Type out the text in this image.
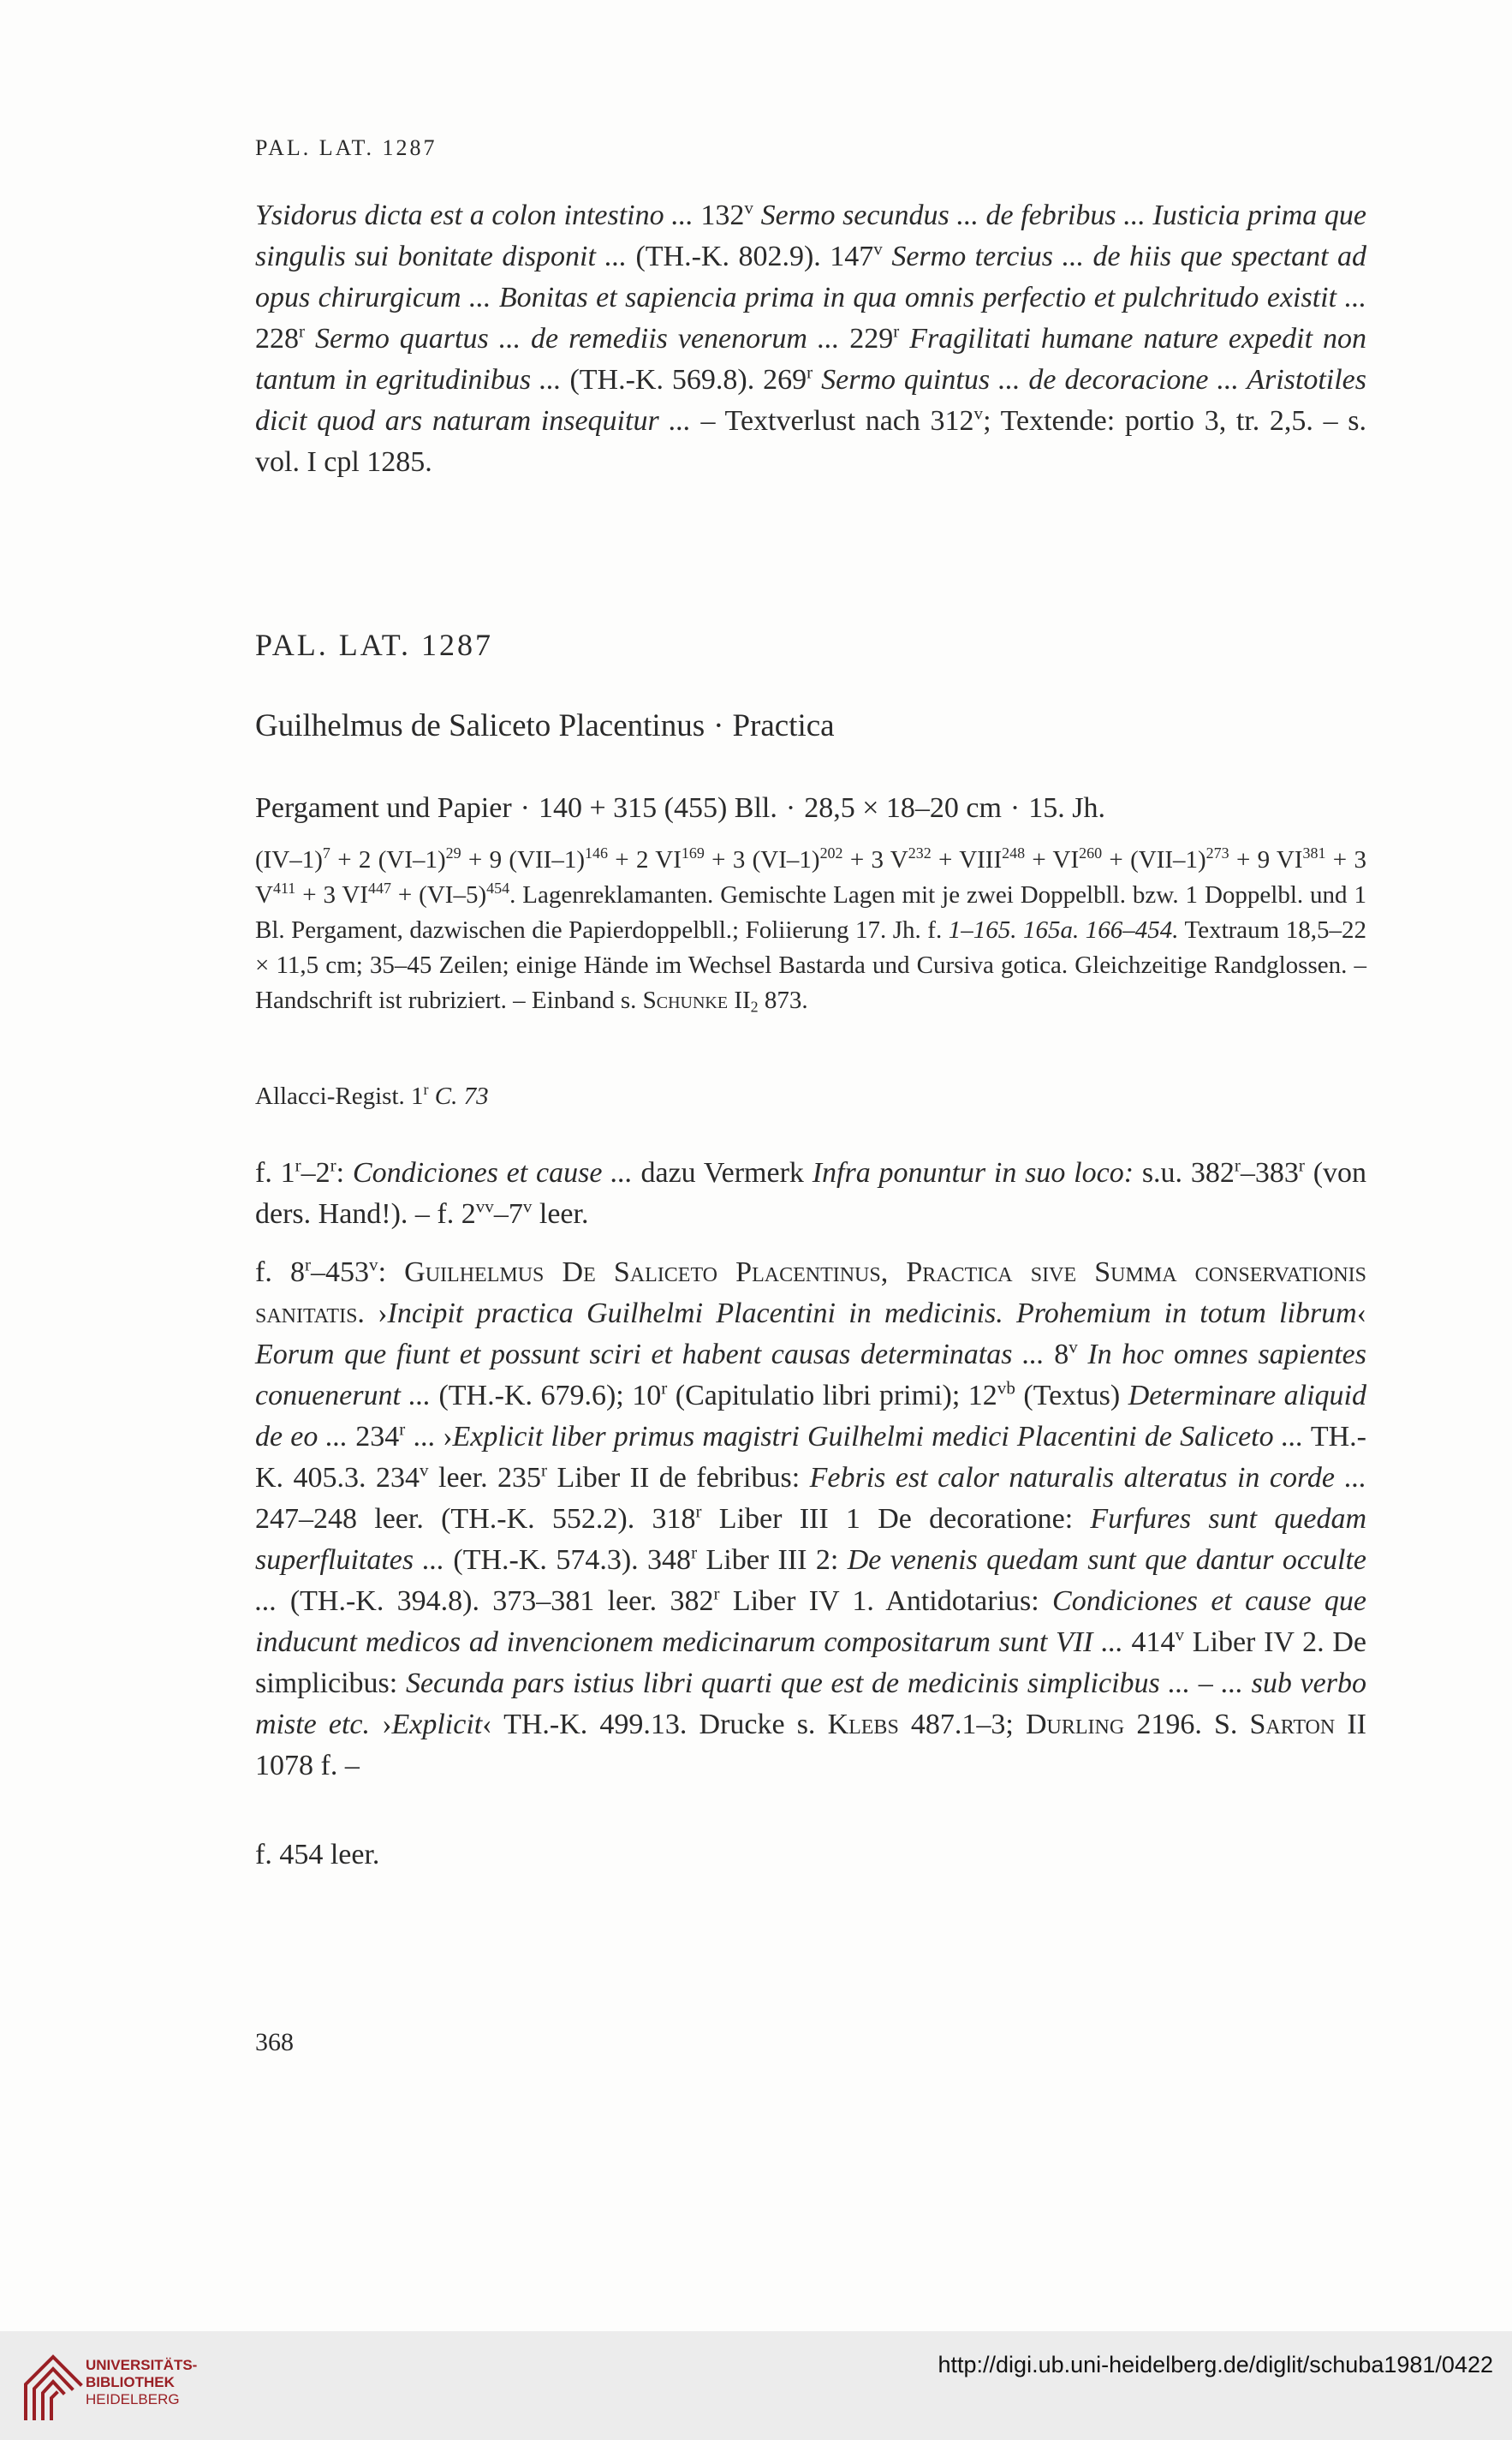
PAL. LAT. 1287
Ysidorus dicta est a colon intestino ... 132$^v$ Sermo secundus ... de febribus ... Iusticia prima que singulis sui bonitate disponit ... (TH.-K. 802.9). 147$^v$ Sermo tercius ... de hiis que spectant ad opus chirurgicum ... Bonitas et sapiencia prima in qua omnis perfectio et pulchritudo existit ... 228$^r$ Sermo quartus ... de remediis venenorum ... 229$^r$ Fragilitati humane nature expedit non tantum in egritudinibus ... (TH.-K. 569.8). 269$^r$ Sermo quintus ... de decoracione ... Aristotiles dicit quod ars naturam insequitur ... – Textverlust nach 312$^v$; Textende: portio 3, tr. 2,5. – s. vol. I cpl 1285.
PAL. LAT. 1287
Guilhelmus de Saliceto Placentinus · Practica
Pergament und Papier · 140 + 315 (455) Bll. · 28,5 × 18–20 cm · 15. Jh.
$(IV-1)^7 + 2$ $(VI-1)^{29} + 9$ $(VII-1)^{146} + 2$ $VI^{169} + 3$ $(VI-1)^{202} + 3$ $V^{232}$ + $VIII^{248} + VI^{260} + (VII-1)^{273} + 9$ $VI^{381} + 3$ $V^{411} + 3$ $VI^{447} + (VI-5)^{454}$. Lagenreklamanten. Gemischte Lagen mit je zwei Doppelbll. bzw. 1 Doppelbl. und 1 Bl. Pergament, dazwischen die Papierdoppelbll.; Foliierung 17. Jh. f. 1–165. 165a. 166–454. Textraum 18,5–22 × 11,5 cm; 35–45 Zeilen; einige Hände im Wechsel Bastarda und Cursiva gotica. Gleichzeitige Randglossen. – Handschrift ist rubriziert. – Einband s. Schunke $II_2$ 873.
Allacci-Regist. 1$^r$ C. 73
f. 1$^r$–2$^r$: Condiciones et cause ... dazu Vermerk Infra ponuntur in suo loco: s.u. 382$^r$–383$^r$ (von ders. Hand!). – f. 2$^{vv}$–7$^v$ leer.
f. 8$^r$–453$^v$: Guilhelmus De Saliceto Placentinus, Practica sive Summa conservationis sanitatis. ›Incipit practica Guilhelmi Placentini in medicinis. Prohemium in totum librum‹ Eorum que fiunt et possunt sciri et habent causas determinatas ... 8$^v$ In hoc omnes sapientes conuenerunt ... (TH.-K. 679.6); 10$^r$ (Capitulatio libri primi); $12^{vb}$ (Textus) Determinare aliquid de eo ... 234$^r$ ... ›Explicit liber primus magistri Guilhelmi medici Placentini de Saliceto ... TH.-K. 405.3. 234$^v$ leer. 235$^r$ Liber II de febribus: Febris est calor naturalis alteratus in corde ... 247–248 leer. (TH.-K. 552.2). 318$^r$ Liber III 1 De decoratione: Furfures sunt quedam superfluitates ... (TH.-K. 574.3). 348$^r$ Liber III 2: De venenis quedam sunt que dantur occulte ... (TH.-K. 394.8). 373–381 leer. 382$^r$ Liber IV 1. Antidotarius: Condiciones et cause que inducunt medicos ad invencionem medicinarum compositarum sunt VII ... 414$^v$ Liber IV 2. De simplicibus: Secunda pars istius libri quarti que est de medicinis simplicibus ... – ... sub verbo miste etc. ›Explicit‹ TH.-K. 499.13. Drucke s. Klebs 487.1–3; Durling 2196. S. Sarton II 1078 f. –
f. 454 leer.
368
UNIVERSITÄTS-
BIBLIOTHEK
HEIDELBERG
http://digi.ub.uni-heidelberg.de/diglit/schuba1981/0422
